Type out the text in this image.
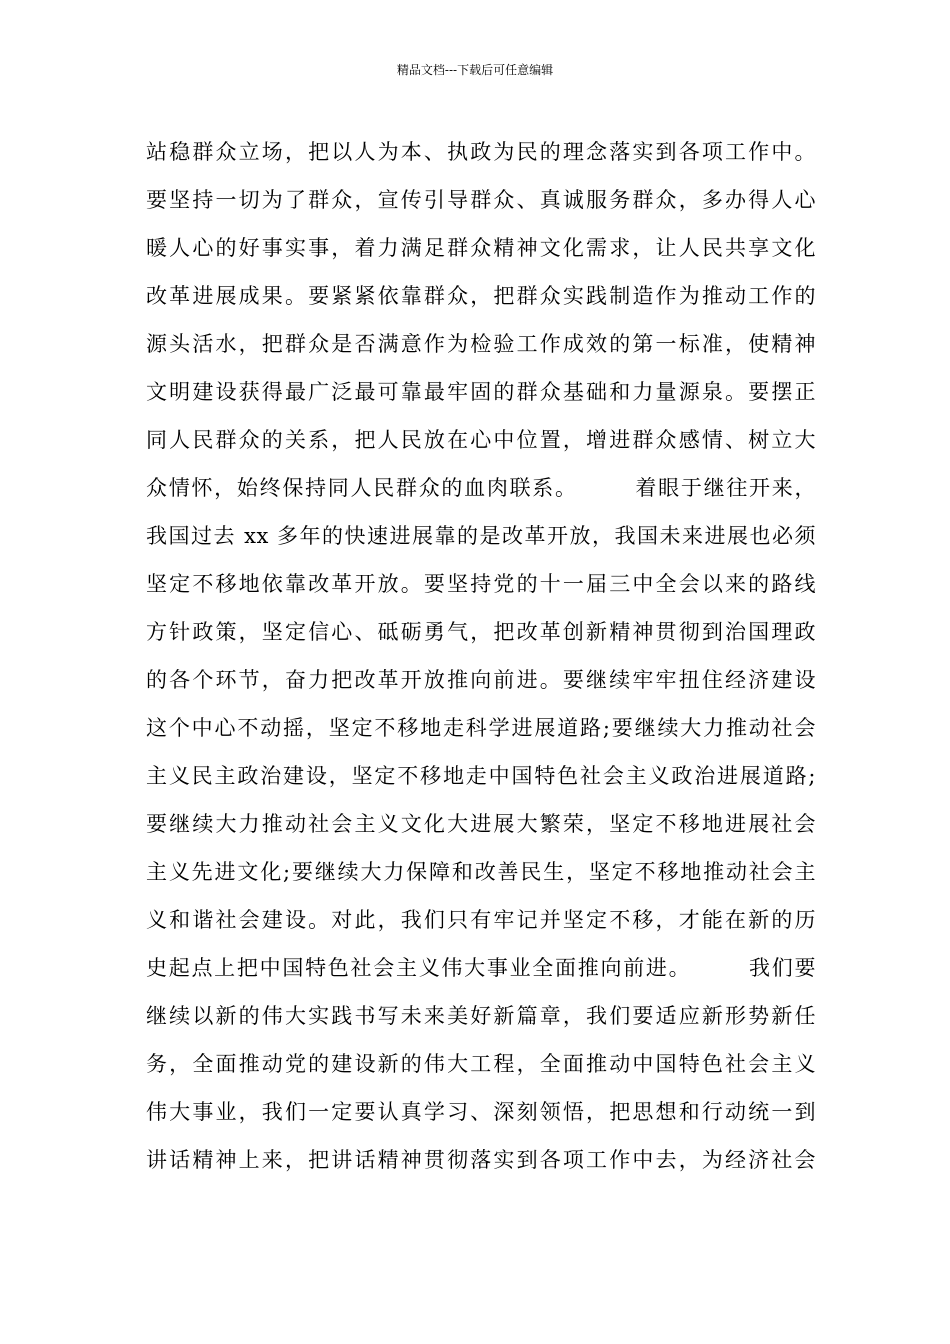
精品文档---下载后可任意编辑
站稳群众立场，把以人为本、执政为民的理念落实到各项工作中。
要坚持一切为了群众，宣传引导群众、真诚服务群众，多办得人心
暖人心的好事实事，着力满足群众精神文化需求，让人民共享文化
改革进展成果。要紧紧依靠群众，把群众实践制造作为推动工作的
源头活水，把群众是否满意作为检验工作成效的第一标准，使精神
文明建设获得最广泛最可靠最牢固的群众基础和力量源泉。要摆正
同人民群众的关系，把人民放在心中位置，增进群众感情、树立大
众情怀，始终保持同人民群众的血肉联系。　　　着眼于继往开来，
我国过去 xx 多年的快速进展靠的是改革开放，我国未来进展也必须
坚定不移地依靠改革开放。要坚持党的十一届三中全会以来的路线
方针政策，坚定信心、砥砺勇气，把改革创新精神贯彻到治国理政
的各个环节，奋力把改革开放推向前进。要继续牢牢扭住经济建设
这个中心不动摇，坚定不移地走科学进展道路;要继续大力推动社会
主义民主政治建设，坚定不移地走中国特色社会主义政治进展道路;
要继续大力推动社会主义文化大进展大繁荣，坚定不移地进展社会
主义先进文化;要继续大力保障和改善民生，坚定不移地推动社会主
义和谐社会建设。对此，我们只有牢记并坚定不移，才能在新的历
史起点上把中国特色社会主义伟大事业全面推向前进。　　　我们要
继续以新的伟大实践书写未来美好新篇章，我们要适应新形势新任
务，全面推动党的建设新的伟大工程，全面推动中国特色社会主义
伟大事业，我们一定要认真学习、深刻领悟，把思想和行动统一到
讲话精神上来，把讲话精神贯彻落实到各项工作中去，为经济社会
